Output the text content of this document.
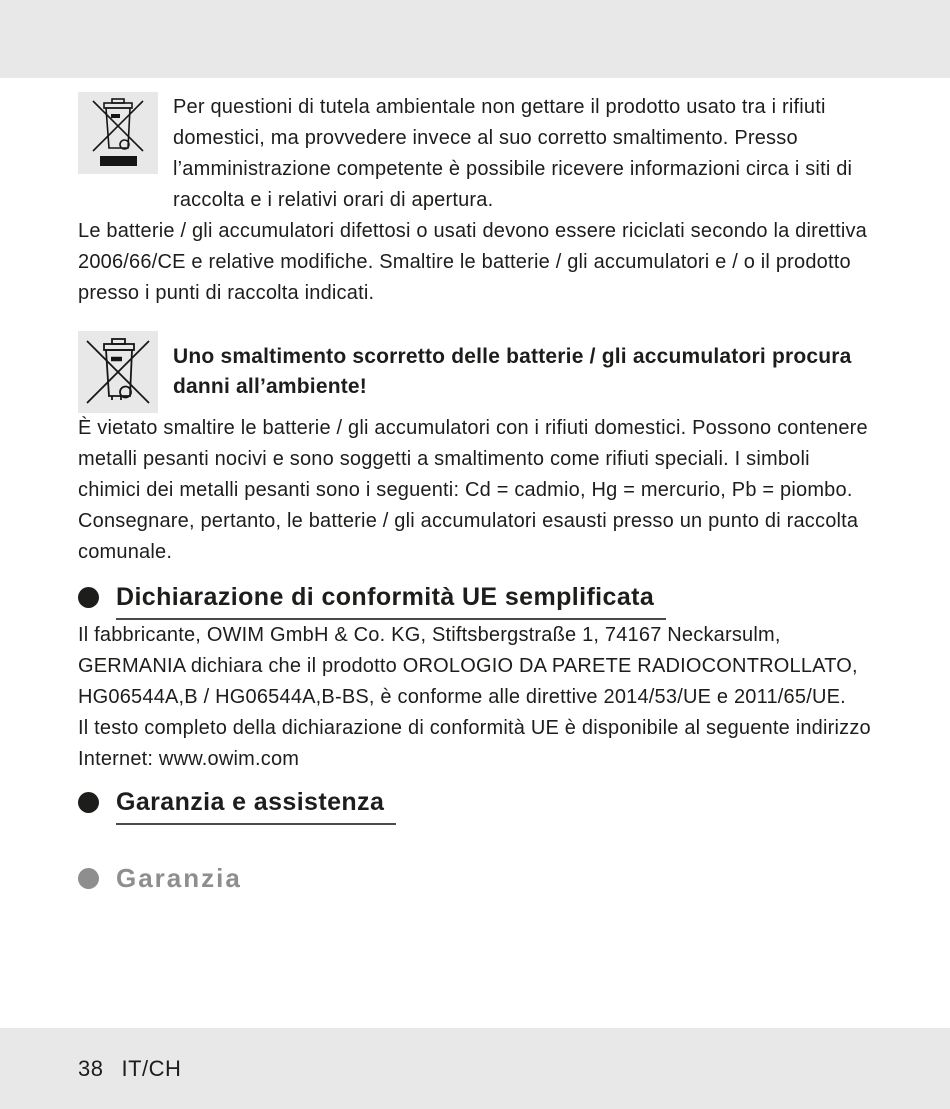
Per questioni di tutela ambientale non gettare il prodotto usato tra i rifiuti domestici, ma provvedere invece al suo corretto smaltimento. Presso l’amministrazione competente è possibile ricevere informazioni circa i siti di raccolta e i relativi orari di apertura.

Le batterie / gli accumulatori difettosi o usati devono essere riciclati secondo la direttiva 2006/66/CE e relative modifiche. Smaltire le batterie / gli accumulatori e / o il prodotto presso i punti di raccolta indicati.

Uno smaltimento scorretto delle batterie / gli accumulatori procura danni all’ambiente!

È vietato smaltire le batterie / gli accumulatori con i rifiuti domestici. Possono contenere metalli pesanti nocivi e sono soggetti a smaltimento come rifiuti speciali. I simboli chimici dei metalli pesanti sono i seguenti: Cd = cadmio, Hg = mercurio, Pb = piombo. Consegnare, pertanto, le batterie / gli accumulatori esausti presso un punto di raccolta comunale.

Dichiarazione di conformità UE semplificata

Il fabbricante, OWIM GmbH & Co. KG, Stiftsbergstraße 1, 74167 Neckarsulm, GERMANIA dichiara che il prodotto OROLOGIO DA PARETE RADIOCONTROLLATO, HG06544A,B / HG06544A,B-BS, è conforme alle direttive 2014/53/UE e 2011/65/UE.

Il testo completo della dichiarazione di conformità UE è disponibile al seguente indirizzo Internet: www.owim.com

Garanzia e assistenza
Garanzia
38 IT/CH
